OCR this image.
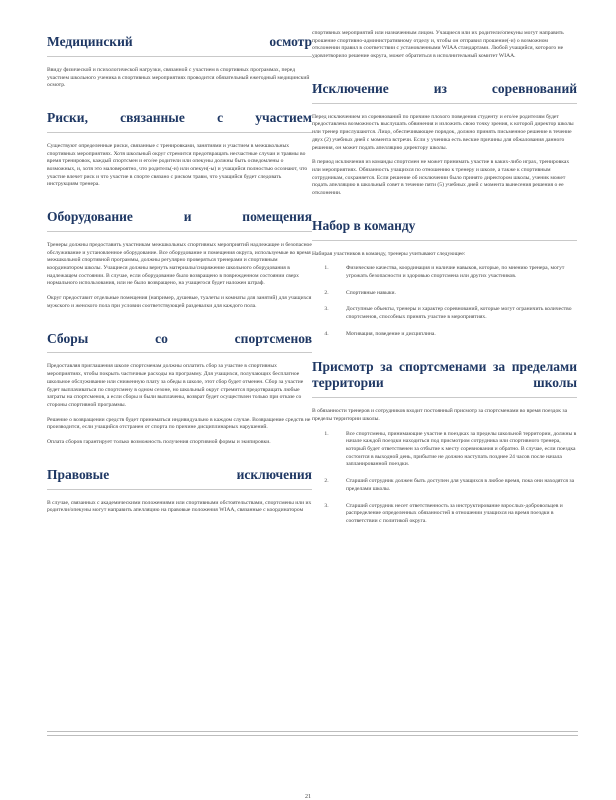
Медицинский осмотр

Ввиду физической и психологической нагрузки, связанной с участием в спортивных программах, перед участием школьного ученика в спортивных мероприятиях проводится обязательный ежегодный медицинский осмотр.

Риски, связанные с участием

Существуют определенные риски, связанные с тренировками, занятиями и участием в межшкольных спортивных мероприятиях. Хотя школьный округ стремится предотвращать несчастные случаи и травмы во время тренировок, каждый спортсмен и его/ее родители или опекуны должны быть осведомлены о возможных, и, хотя это маловероятно, что родитель(-и) или опекун(-ы) и учащийся полностью осознают, что участие влечет риск и что участие в спорте связано с риском травм, что учащийся будет следовать инструкциям тренера.

Оборудование и помещения

Тренеры должны предоставить участникам межшкольных спортивных мероприятий надлежащее и безопасное обслуживание и установленное оборудование. Все оборудование и помещения округа, используемые во время межшкольной спортивной программы, должны регулярно проверяться тренерами и спортивным координатором школы. Учащиеся должны вернуть материалы/снаряжение школьного оборудования в надлежащем состоянии. В случае, если оборудование было возвращено в поврежденном состоянии сверх нормального использования, или не было возвращено, на учащегося будет наложен штраф.

Округ предоставит отдельные помещения (например, душевые, туалеты и комнаты для занятий) для учащихся мужского и женского пола при условии соответствующей раздевалки для каждого пола.

Сборы со спортсменов

Предоставляя приглашения школе спортсменам должны оплатить сбор за участие в спортивных мероприятиях, чтобы покрыть частичные расходы на программу. Для учащихся, получающих бесплатное школьное обслуживание или сниженную плату за обеды в школе, этот сбор будет отменен. Сбор за участие будет выплачиваться по спортсмену в одном сезоне, но школьный округ стремится предотвращать любые затраты на спортсменов, а если сборы и были выплачены, возврат будет осуществлен только при отказе со стороны спортивной программы.

Решение о возвращении средств будет приниматься индивидуально в каждом случае. Возвращение средств не производится, если учащийся отстранен от спорта по причине дисциплинарных нарушений.

Оплата сборов гарантирует только возможность получения спортивной формы и экипировки.

Правовые исключения

В случае, связанных с академическими положениями или спортивными обстоятельствами, спортсмены или их родители/опекуны могут направить апелляцию на правовые положения WIAA, связанные с координатором

спортивных мероприятий или назначенным лицом. Учащиеся или их родители/опекуны могут направить прошение спортивно-административному отделу и, чтобы он отправил прошение(-и) о возможном отклонении правил в соответствии с установленными WIAA стандартами. Любой учащийся, которого не удовлетворило решение округа, может обратиться в исполнительный комитет WIAA.

Исключение из соревнований

Перед исключением из соревнований по причине плохого поведения студенту и его/ее родителям будет предоставлена возможность выслушать обвинения и изложить свою точку зрения, к которой директор школы или тренер прислушаются. Лицо, обеспечивающее порядок, должно принять письменное решение в течение двух (2) учебных дней с момента встречи. Если у ученика есть веские причины для обжалования данного решения, он может подать апелляцию директору школы.

В период исключения из команды спортсмен не может принимать участие в каких-либо играх, тренировках или мероприятиях. Обязанность учащихся по отношению к тренеру и школе, а также к спортивным сотрудникам, сохраняется. Если решение об исключении было принято директором школы, ученик может подать апелляцию в школьный совет в течение пяти (5) учебных дней с момента вынесения решения о ее отклонении.

Набор в команду

Набирая участников в команду, тренеры учитывают следующее:

1. Физические качества, координация и наличие навыков, которые, по мнению тренера, могут угрожать безопасности и здоровью спортсмена или других участников.
2. Спортивные навыки.
3. Доступные объекты, тренеры и характер соревнований, которые могут ограничить количество спортсменов, способных принять участие в мероприятиях.
4. Мотивация, поведение и дисциплина.
Присмотр за спортсменами за пределами территории школы

В обязанности тренеров и сотрудников входит постоянный присмотр за спортсменами во время поездок за пределы территории школы.

1. Все спортсмены, принимающие участие в поездках за пределы школьной территории, должны в начале каждой поездки находиться под присмотром сотрудника или спортивного тренера, который будет ответственен за отбытие к месту соревнования и обратно. В случае, если поездка состоится в выходной день, прибытие не должно наступать позднее 24 часов после начала запланированной поездки.
2. Старший сотрудник должен быть доступен для учащихся в любое время, пока они находятся за пределами школы.
3. Старший сотрудник несет ответственность за инструктирование взрослых-добровольцев и распределение определенных обязанностей в отношении учащихся на время поездки в соответствии с политикой округа.
21
